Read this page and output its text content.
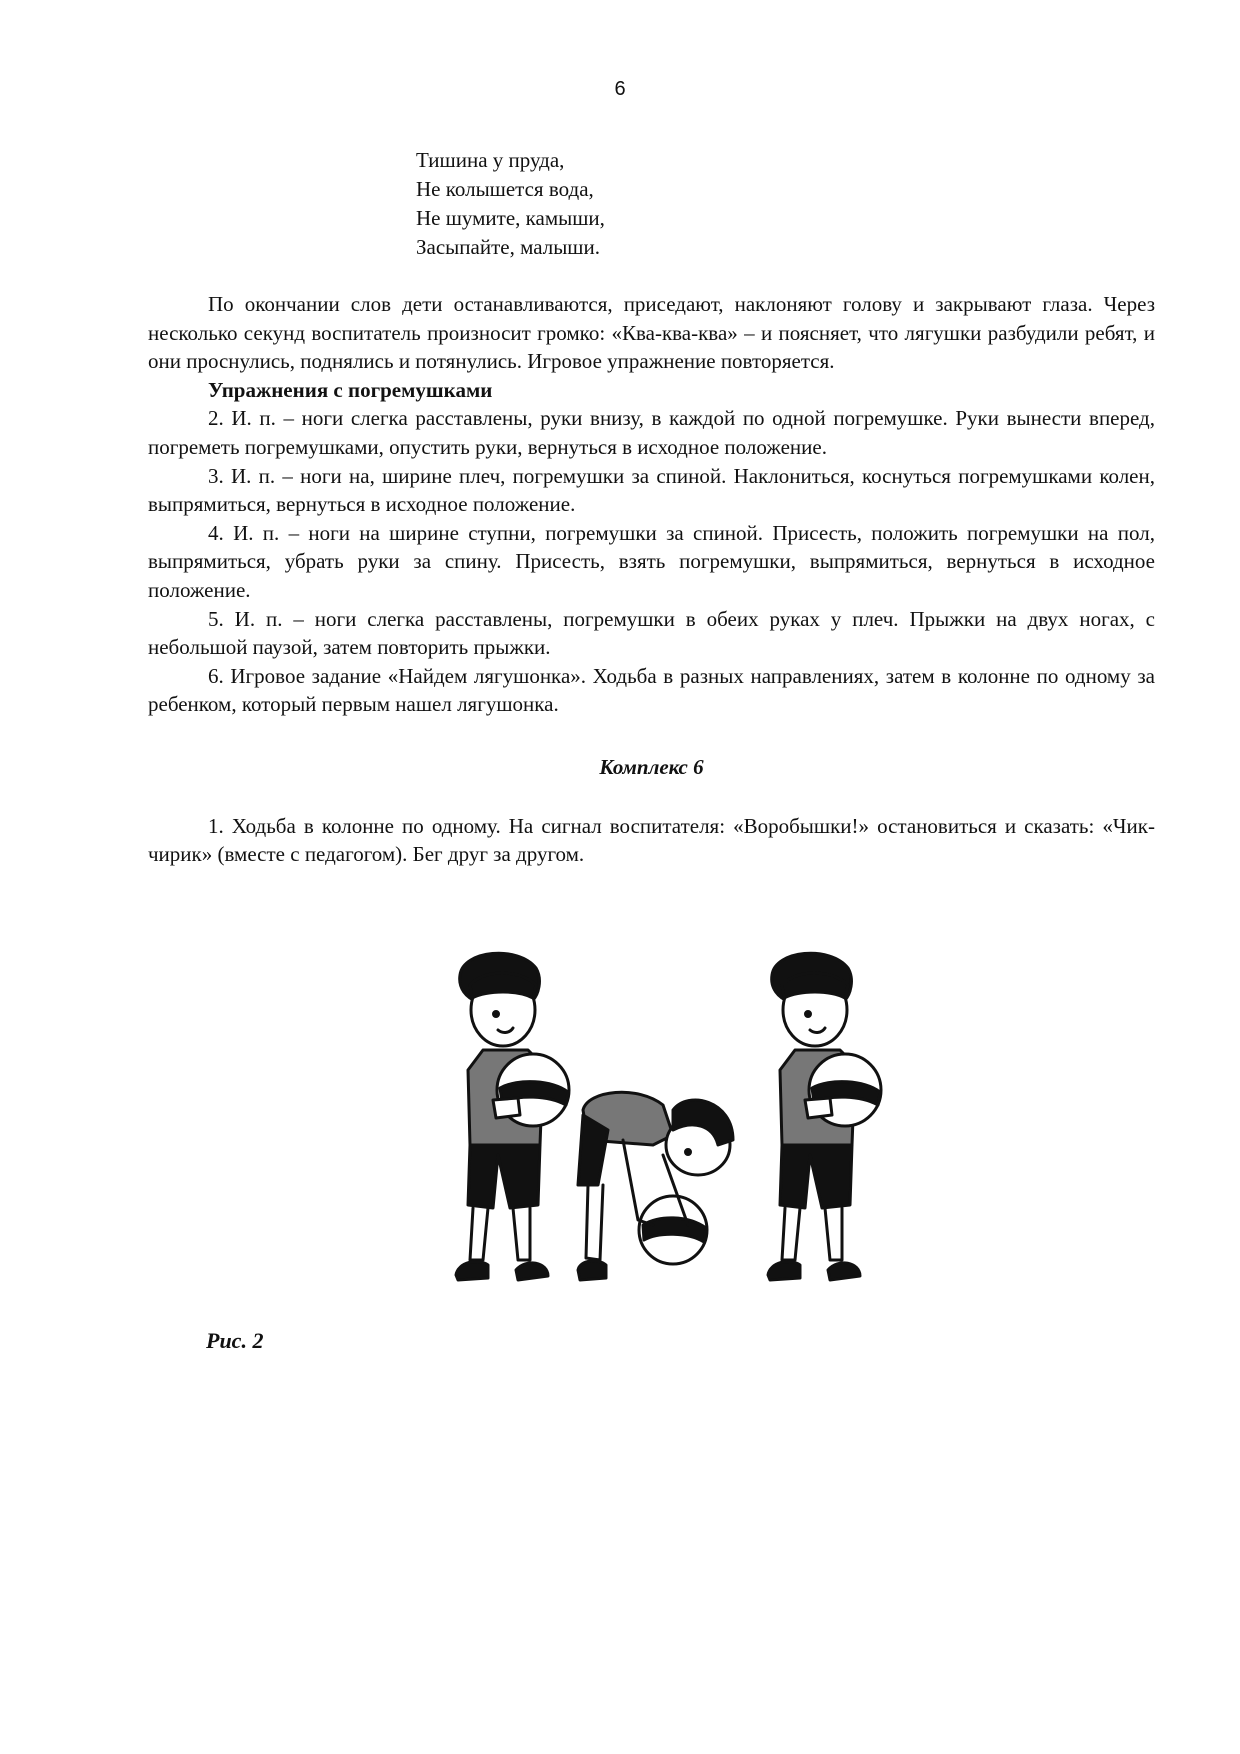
6
Тишина у пруда,
Не колышется вода,
Не шумите, камыши,
Засыпайте, малыши.

По окончании слов дети останавливаются, приседают, наклоняют голову и закрывают глаза. Через несколько секунд воспитатель произносит громко: «Ква-ква-ква» – и поясняет, что лягушки разбудили ребят, и они проснулись, поднялись и потянулись. Игровое упражнение повторяется.

Упражнения с погремушками

2. И. п. – ноги слегка расставлены, руки внизу, в каждой по одной погремушке. Руки вынести вперед, погреметь погремушками, опустить руки, вернуться в исходное положение.

3. И. п. – ноги на, ширине плеч, погремушки за спиной. Наклониться, коснуться погремушками колен, выпрямиться, вернуться в исходное положение.

4. И. п. – ноги на ширине ступни, погремушки за спиной. Присесть, положить погремушки на пол, выпрямиться, убрать руки за спину. Присесть, взять погремушки, выпрямиться, вернуться в исходное положение.

5. И. п. – ноги слегка расставлены, погремушки в обеих руках у плеч. Прыжки на двух ногах, с небольшой паузой, затем повторить прыжки.

6. Игровое задание «Найдем лягушонка». Ходьба в разных направлениях, затем в колонне по одному за ребенком, который первым нашел лягушонка.

Комплекс 6

1. Ходьба в колонне по одному. На сигнал воспитателя: «Воробышки!» остановиться и сказать: «Чик-чирик» (вместе с педагогом). Бег друг за другом.

Рис. 2
